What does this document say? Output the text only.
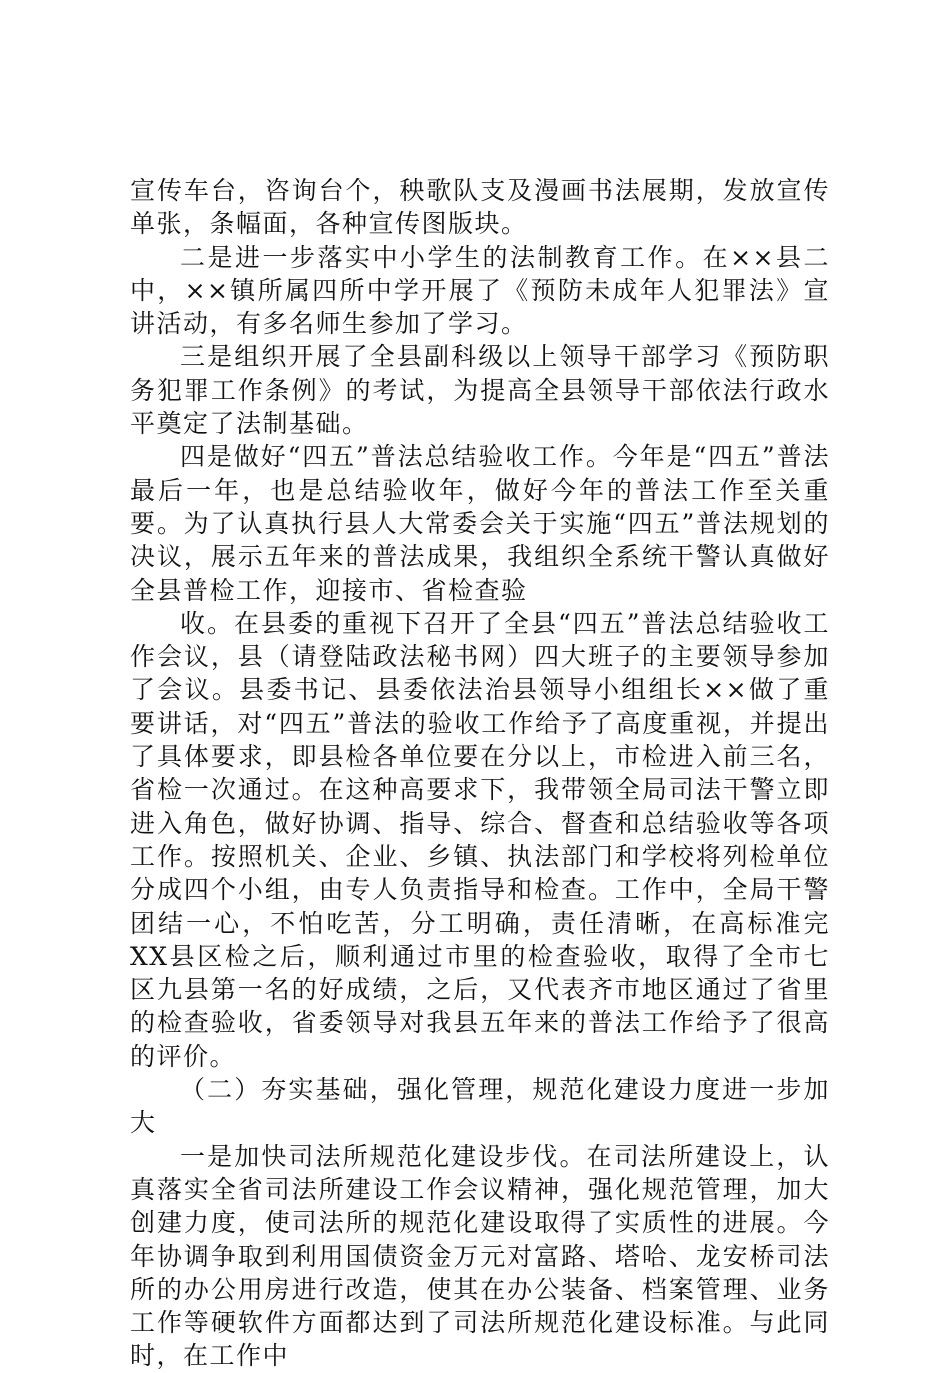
宣传车台，咨询台个，秧歌队支及漫画书法展期，发放宣传单张，条幅面，各种宣传图版块。

二是进一步落实中小学生的法制教育工作。在××县二中，××镇所属四所中学开展了《预防未成年人犯罪法》宣讲活动，有多名师生参加了学习。

三是组织开展了全县副科级以上领导干部学习《预防职务犯罪工作条例》的考试，为提高全县领导干部依法行政水平奠定了法制基础。

四是做好“四五”普法总结验收工作。今年是“四五”普法最后一年，也是总结验收年，做好今年的普法工作至关重要。为了认真执行县人大常委会关于实施“四五”普法规划的决议，展示五年来的普法成果，我组织全系统干警认真做好全县普检工作，迎接市、省检查验

收。在县委的重视下召开了全县“四五”普法总结验收工作会议，县（请登陆政法秘书网）四大班子的主要领导参加了会议。县委书记、县委依法治县领导小组组长××做了重要讲话，对“四五”普法的验收工作给予了高度重视，并提出了具体要求，即县检各单位要在分以上，市检进入前三名，省检一次通过。在这种高要求下，我带领全局司法干警立即进入角色，做好协调、指导、综合、督查和总结验收等各项工作。按照机关、企业、乡镇、执法部门和学校将列检单位分成四个小组，由专人负责指导和检查。工作中，全局干警团结一心，不怕吃苦，分工明确，责任清晰，在高标准完XX县区检之后，顺利通过市里的检查验收，取得了全市七区九县第一名的好成绩，之后，又代表齐市地区通过了省里的检查验收，省委领导对我县五年来的普法工作给予了很高的评价。

（二）夯实基础，强化管理，规范化建设力度进一步加大

一是加快司法所规范化建设步伐。在司法所建设上，认真落实全省司法所建设工作会议精神，强化规范管理，加大创建力度，使司法所的规范化建设取得了实质性的进展。今年协调争取到利用国债资金万元对富路、塔哈、龙安桥司法所的办公用房进行改造，使其在办公装备、档案管理、业务工作等硬软件方面都达到了司法所规范化建设标准。与此同时，在工作中
